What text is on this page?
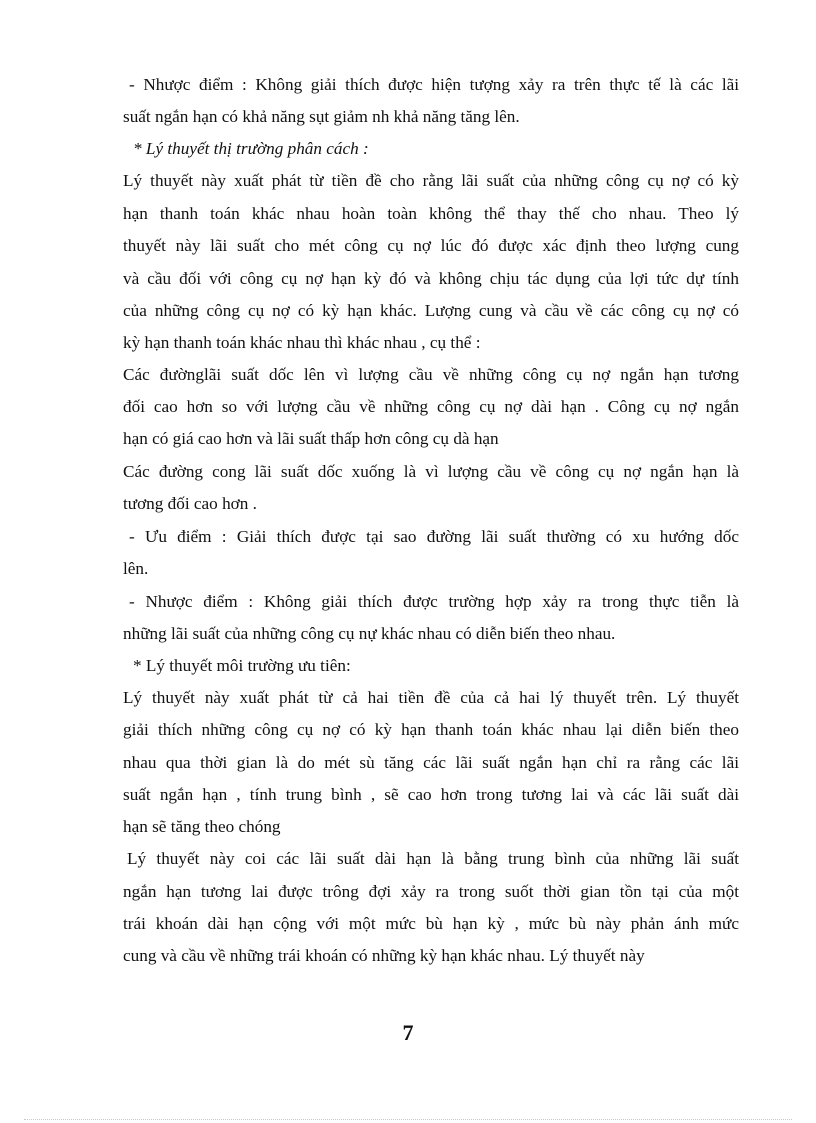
- Nhược điểm : Không giải thích được hiện tượng xảy ra trên thực tế là các lãi
suất ngắn hạn có khả năng sụt giảm nh khả năng tăng lên.
* Lý thuyết thị trường phân cách :
Lý thuyết này xuất phát từ tiền đề cho rằng lãi suất của những công cụ nợ có kỳ
hạn thanh toán khác nhau hoàn toàn không thể thay thế cho nhau. Theo lý
thuyết này lãi suất cho mét công cụ nợ lúc đó được xác định theo lượng cung
và cầu đối với công cụ nợ hạn kỳ đó và không chịu tác dụng của lợi tức dự tính
của những công cụ nợ có kỳ hạn khác. Lượng cung và cầu về các công cụ nợ có
kỳ hạn thanh toán khác nhau thì khác nhau , cụ thể :
Các đườnglãi suất dốc lên vì lượng cầu về những công cụ nợ ngắn hạn tương
đối cao hơn so với lượng cầu về những công cụ nợ dài hạn . Công cụ nợ ngắn
hạn có giá cao hơn và lãi suất thấp hơn công cụ dà hạn
Các đường cong lãi suất dốc xuống là vì lượng cầu về công cụ nợ ngắn hạn là
tương đối cao hơn .
- Ưu điểm : Giải thích được tại sao đường lãi suất thường có xu hướng dốc
lên.
- Nhược điểm : Không giải thích được trường hợp xảy ra trong thực tiễn là
những lãi suất của những công cụ nự khác nhau có diễn biến theo nhau.
* Lý thuyết môi trường ưu tiên:
Lý thuyết này xuất phát từ cả hai tiền đề của cả hai lý thuyết trên. Lý thuyết
giải thích những công cụ nợ có kỳ hạn thanh toán khác nhau lại diễn biến theo
nhau qua thời gian là do mét sù tăng các lãi suất ngắn hạn chỉ ra rằng các lãi
suất ngắn hạn , tính trung bình , sẽ cao hơn trong tương lai và các lãi suất dài
hạn sẽ tăng theo chóng
Lý thuyết này coi các lãi suất dài hạn là bằng trung bình của những lãi suất
ngắn hạn tương lai được trông đợi xảy ra trong suốt thời gian tồn tại của một
trái khoán dài hạn cộng với một mức bù hạn kỳ , mức bù này phản ánh mức
cung và cầu về những trái khoán có những kỳ hạn khác nhau. Lý thuyết này
7
